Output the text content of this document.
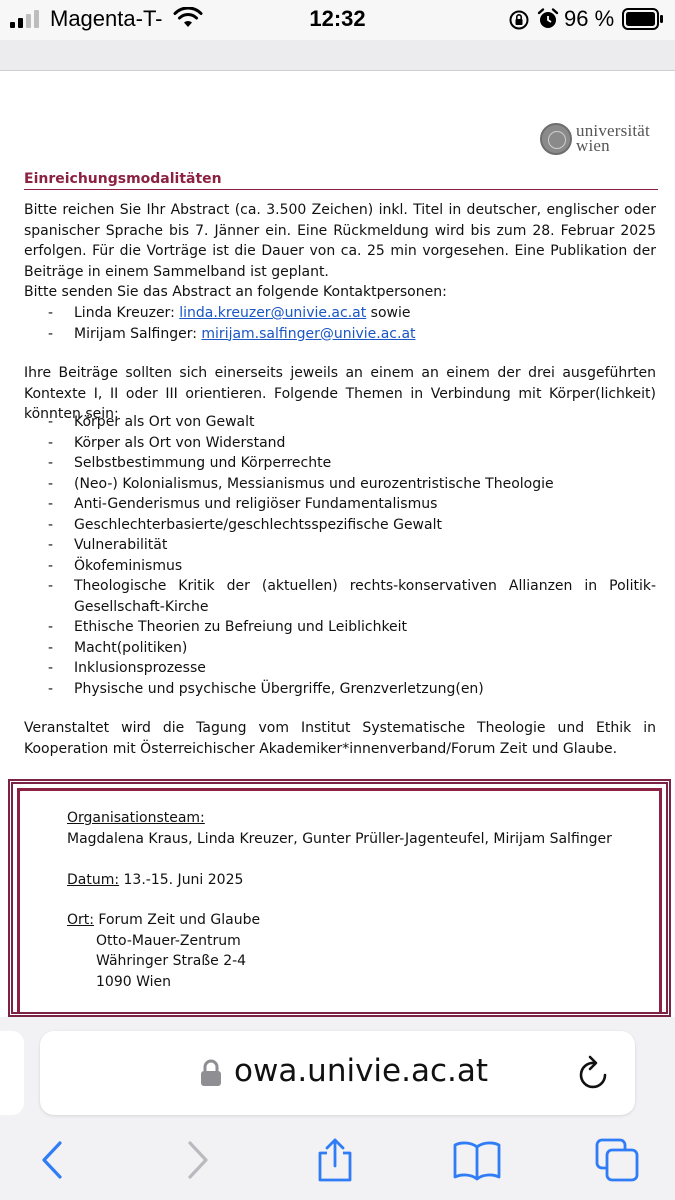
Magenta-T-	12:32	96 %
universität
wien
Einreichungsmodalitäten
Bitte reichen Sie Ihr Abstract (ca. 3.500 Zeichen) inkl. Titel in deutscher, englischer oder spanischer Sprache bis 7. Jänner ein. Eine Rückmeldung wird bis zum 28. Februar 2025 erfolgen. Für die Vorträge ist die Dauer von ca. 25 min vorgesehen. Eine Publikation der Beiträge in einem Sammelband ist geplant.
Bitte senden Sie das Abstract an folgende Kontaktpersonen:
- Linda Kreuzer: linda.kreuzer@univie.ac.at sowie
- Mirijam Salfinger: mirijam.salfinger@univie.ac.at

Ihre Beiträge sollten sich einerseits jeweils an einem an einem der drei ausgeführten Kontexte I, II oder III orientieren. Folgende Themen in Verbindung mit Körper(lichkeit) könnten sein:

- Körper als Ort von Gewalt
- Körper als Ort von Widerstand
- Selbstbestimmung und Körperrechte
- (Neo-) Kolonialismus, Messianismus und eurozentristische Theologie
- Anti-Genderismus und religiöser Fundamentalismus
- Geschlechterbasierte/geschlechtsspezifische Gewalt
- Vulnerabilität
- Ökofeminismus
- Theologische Kritik der (aktuellen) rechts-konservativen Allianzen in Politik-Gesellschaft-Kirche
- Ethische Theorien zu Befreiung und Leiblichkeit
- Macht(politiken)
- Inklusionsprozesse
- Physische und psychische Übergriffe, Grenzverletzung(en)

Veranstaltet wird die Tagung vom Institut Systematische Theologie und Ethik in Kooperation mit Österreichischer Akademiker*innenverband/Forum Zeit und Glaube.

Organisationsteam:
Magdalena Kraus, Linda Kreuzer, Gunter Prüller-Jagenteufel, Mirijam Salfinger
Datum: 13.-15. Juni 2025
Ort: Forum Zeit und Glaube
Otto-Mauer-Zentrum
Währinger Straße 2-4
1090 Wien
owa.univie.ac.at
